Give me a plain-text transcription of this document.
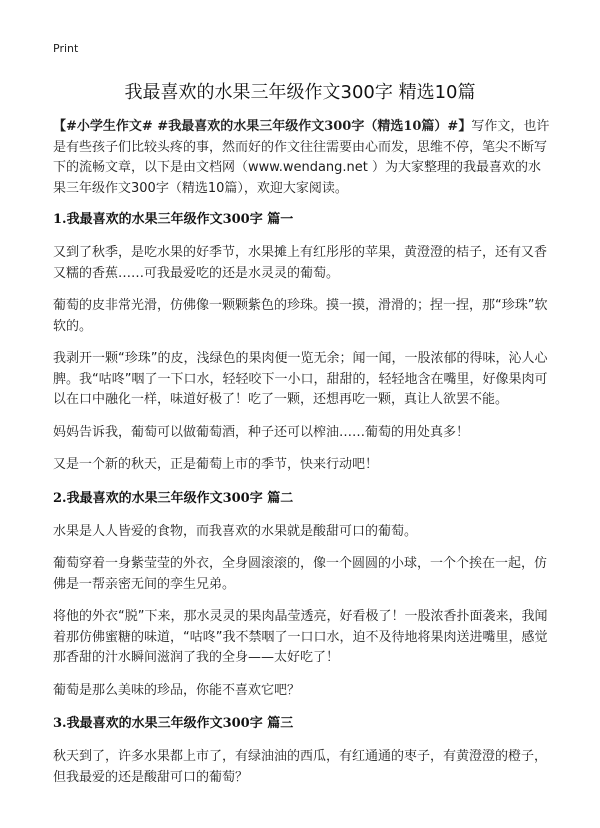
Print
我最喜欢的水果三年级作文300字 精选10篇

【#小学生作文# #我最喜欢的水果三年级作文300字（精选10篇）#】写作文，也许是有些孩子们比较头疼的事，然而好的作文往往需要由心而发，思维不停，笔尖不断写下的流畅文章，以下是由文档网（www.wendang.net ）为大家整理的我最喜欢的水果三年级作文300字（精选10篇），欢迎大家阅读。

1.我最喜欢的水果三年级作文300字 篇一

又到了秋季，是吃水果的好季节，水果摊上有红彤彤的苹果，黄澄澄的桔子，还有又香又糯的香蕉……可我最爱吃的还是水灵灵的葡萄。

葡萄的皮非常光滑，仿佛像一颗颗紫色的珍珠。摸一摸，滑滑的；捏一捏，那“珍珠”软软的。

我剥开一颗“珍珠”的皮，浅绿色的果肉便一览无余；闻一闻，一股浓郁的得味，沁人心脾。我“咕咚”咽了一下口水，轻轻咬下一小口，甜甜的，轻轻地含在嘴里，好像果肉可以在口中融化一样，味道好极了！吃了一颗，还想再吃一颗，真让人欲罢不能。

妈妈告诉我，葡萄可以做葡萄酒，种子还可以榨油……葡萄的用处真多！

又是一个新的秋天，正是葡萄上市的季节，快来行动吧！

2.我最喜欢的水果三年级作文300字 篇二

水果是人人皆爱的食物，而我喜欢的水果就是酸甜可口的葡萄。

葡萄穿着一身紫莹莹的外衣，全身圆滚滚的，像一个圆圆的小球，一个个挨在一起，仿佛是一帮亲密无间的孪生兄弟。

将他的外衣“脱”下来，那水灵灵的果肉晶莹透亮，好看极了！一股浓香扑面袭来，我闻着那仿佛蜜糖的味道，“咕咚”我不禁咽了一口口水，迫不及待地将果肉送进嘴里，感觉那香甜的汁水瞬间滋润了我的全身——太好吃了！

葡萄是那么美味的珍品，你能不喜欢它吧？

3.我最喜欢的水果三年级作文300字 篇三

秋天到了，许多水果都上市了，有绿油油的西瓜，有红通通的枣子，有黄澄澄的橙子，但我最爱的还是酸甜可口的葡萄？
